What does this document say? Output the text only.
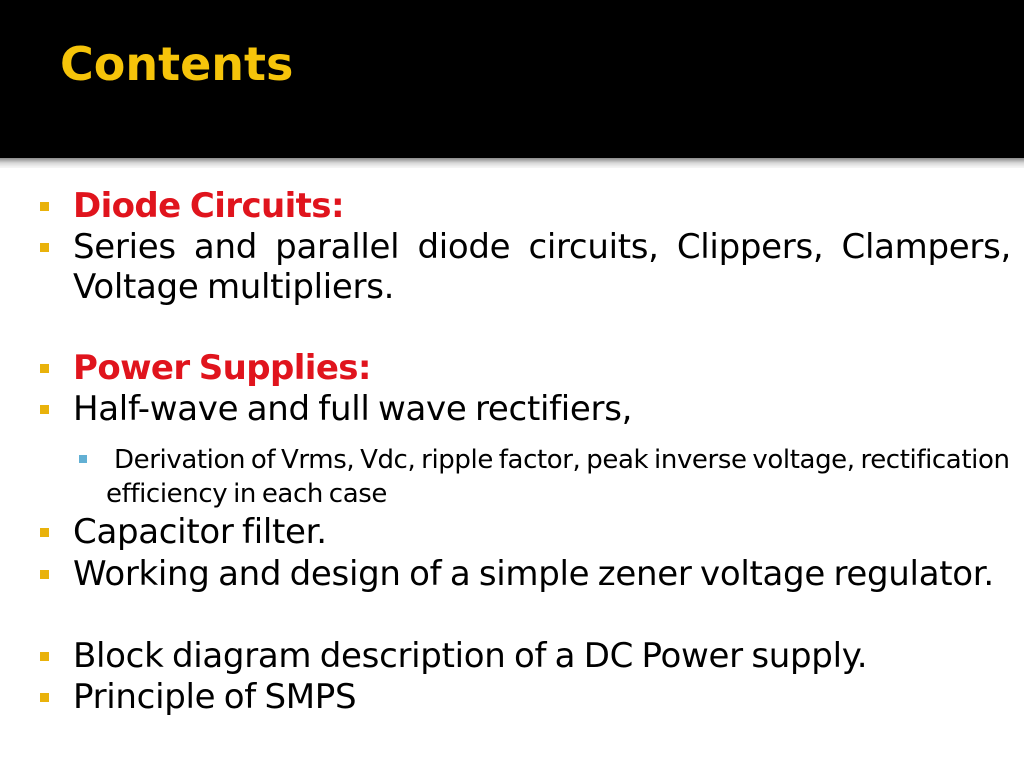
Contents
Diode Circuits:
Series and parallel diode circuits, Clippers, Clampers, Voltage multipliers.
Power Supplies:
Half-wave and full wave rectifiers,
Derivation of Vrms, Vdc, ripple factor, peak inverse voltage, rectification efficiency in each case
Capacitor filter.
Working and design of a simple zener voltage regulator.
Block diagram description of a DC Power supply.
Principle of SMPS
